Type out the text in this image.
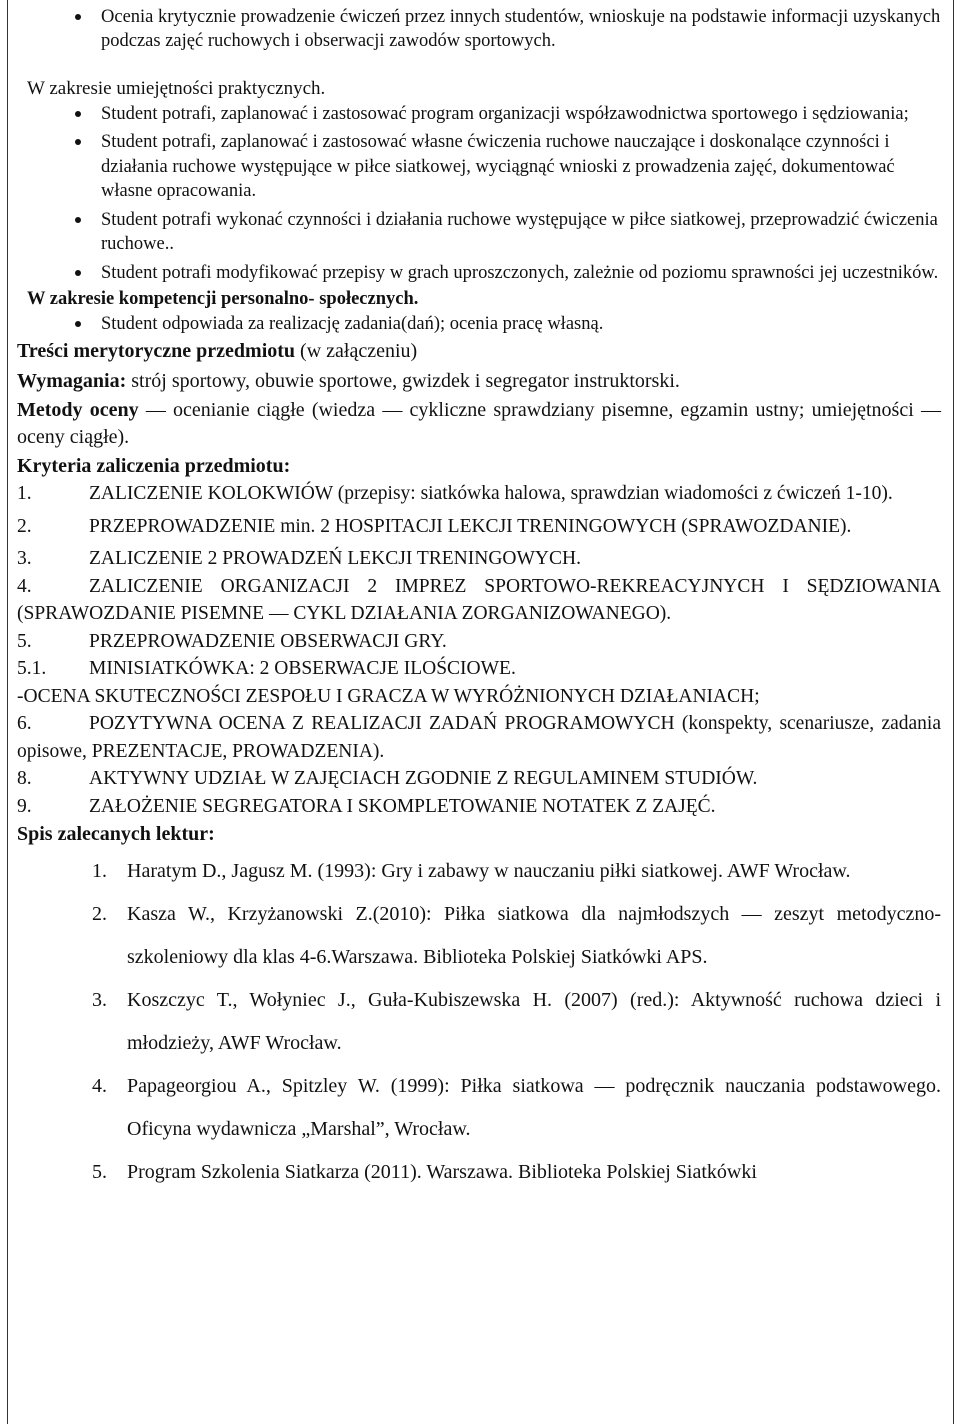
Ocenia krytycznie prowadzenie ćwiczeń przez innych studentów, wnioskuje na podstawie informacji uzyskanych podczas zajęć ruchowych i obserwacji zawodów sportowych.

W zakresie umiejętności praktycznych.

Student potrafi, zaplanować i zastosować program organizacji współzawodnictwa sportowego i sędziowania;
Student potrafi, zaplanować i zastosować własne ćwiczenia ruchowe nauczające i doskonalące czynności i działania ruchowe występujące w piłce siatkowej, wyciągnąć wnioski z prowadzenia zajęć, dokumentować własne opracowania.
Student potrafi wykonać czynności i działania ruchowe występujące w piłce siatkowej, przeprowadzić ćwiczenia ruchowe..
Student potrafi modyfikować przepisy w grach uproszczonych, zależnie od poziomu sprawności jej uczestników.

W zakresie kompetencji personalno- społecznych.

Student odpowiada za realizację zadania(dań); ocenia pracę własną.

Treści merytoryczne przedmiotu (w załączeniu)

Wymagania: strój sportowy, obuwie sportowe, gwizdek i segregator instruktorski.

Metody oceny — ocenianie ciągłe (wiedza — cykliczne sprawdziany pisemne, egzamin ustny; umiejętności — oceny ciągłe).

Kryteria zaliczenia przedmiotu:

1.	ZALICZENIE KOLOKWIÓW (przepisy: siatkówka halowa, sprawdzian wiadomości z ćwiczeń 1-10).

2.	PRZEPROWADZENIE min. 2 HOSPITACJI LEKCJI TRENINGOWYCH (SPRAWOZDANIE).

3.	ZALICZENIE 2 PROWADZEŃ LEKCJI TRENINGOWYCH.

4.	ZALICZENIE ORGANIZACJI 2 IMPREZ SPORTOWO-REKREACYJNYCH I SĘDZIOWANIA (SPRAWOZDANIE PISEMNE — CYKL DZIAŁANIA ZORGANIZOWANEGO).

5.	PRZEPROWADZENIE OBSERWACJI GRY.

5.1. MINISIATKÓWKA: 2 OBSERWACJE ILOŚCIOWE.

-OCENA SKUTECZNOŚCI ZESPOŁU I GRACZA W WYRÓŻNIONYCH DZIAŁANIACH;

6.	POZYTYWNA OCENA Z REALIZACJI ZADAŃ PROGRAMOWYCH (konspekty, scenariusze, zadania opisowe, PREZENTACJE, PROWADZENIA).

8.	AKTYWNY UDZIAŁ W ZAJĘCIACH ZGODNIE Z REGULAMINEM STUDIÓW.

9.	ZAŁOŻENIE SEGREGATORA I SKOMPLETOWANIE NOTATEK Z ZAJĘĆ.

Spis zalecanych lektur:

1. Haratym D., Jagusz M. (1993): Gry i zabawy w nauczaniu piłki siatkowej. AWF Wrocław.
2. Kasza W., Krzyżanowski Z.(2010): Piłka siatkowa dla najmłodszych — zeszyt metodyczno- szkoleniowy dla klas 4-6.Warszawa. Biblioteka Polskiej Siatkówki APS.
3. Koszczyc T., Wołyniec J., Guła-Kubiszewska H. (2007) (red.): Aktywność ruchowa dzieci i młodzieży, AWF Wrocław.
4. Papageorgiou A., Spitzley W. (1999): Piłka siatkowa — podręcznik nauczania podstawowego. Oficyna wydawnicza „Marshal”, Wrocław.
5. Program Szkolenia Siatkarza (2011). Warszawa. Biblioteka Polskiej Siatkówki
